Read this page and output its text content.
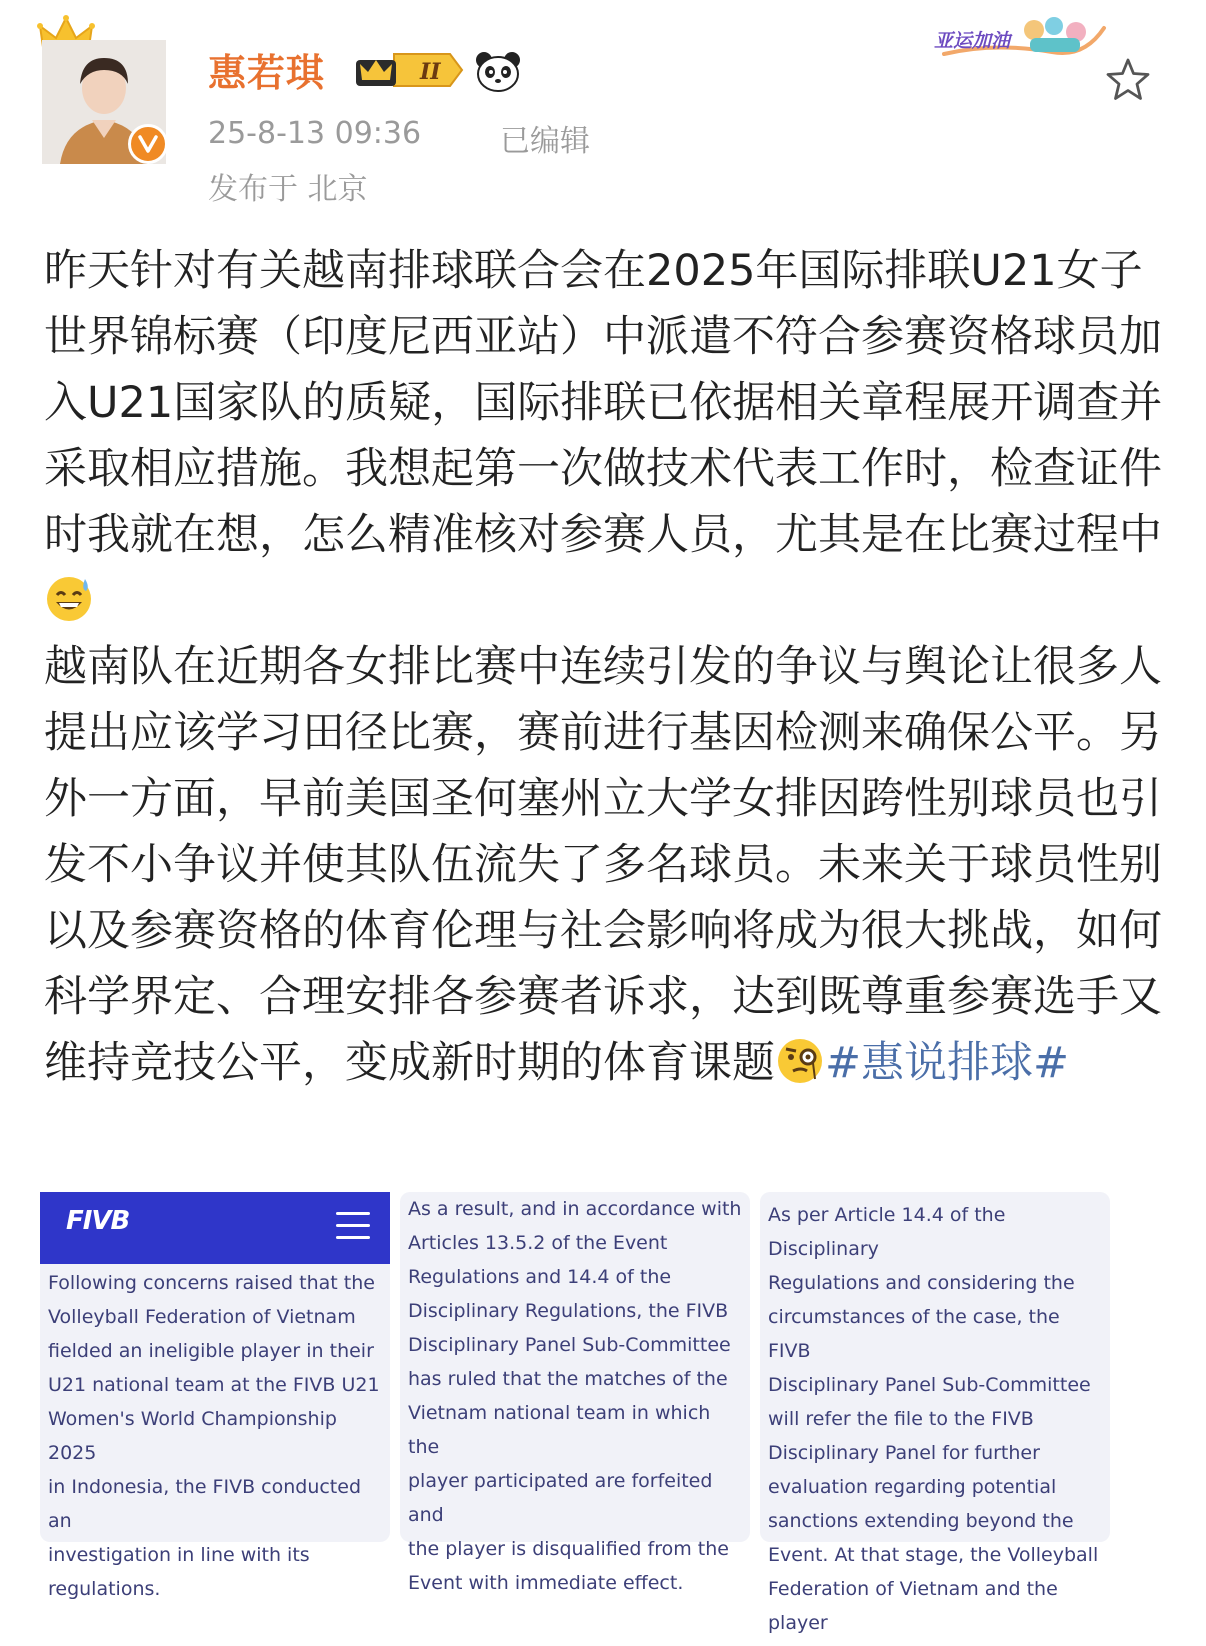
惠若琪	II
25-8-13 09:36	已编辑
发布于 北京
亚运加油
昨天针对有关越南排球联合会在2025年国际排联U21女子世界锦标赛（印度尼西亚站）中派遣不符合参赛资格球员加入U21国家队的质疑，国际排联已依据相关章程展开调查并采取相应措施。我想起第一次做技术代表工作时，检查证件时我就在想，怎么精准核对参赛人员，尤其是在比赛过程中
越南队在近期各女排比赛中连续引发的争议与舆论让很多人提出应该学习田径比赛，赛前进行基因检测来确保公平。另外一方面，早前美国圣何塞州立大学女排因跨性别球员也引发不小争议并使其队伍流失了多名球员。未来关于球员性别以及参赛资格的体育伦理与社会影响将成为很大挑战，如何科学界定、合理安排各参赛者诉求，达到既尊重参赛选手又维持竞技公平，变成新时期的体育课题 #惠说排球#
FIVB
Following concerns raised that the
Volleyball Federation of Vietnam
fielded an ineligible player in their
U21 national team at the FIVB U21
Women's World Championship 2025
in Indonesia, the FIVB conducted an
investigation in line with its
regulations.
As a result, and in accordance with
Articles 13.5.2 of the Event
Regulations and 14.4 of the
Disciplinary Regulations, the FIVB
Disciplinary Panel Sub-Committee
has ruled that the matches of the
Vietnam national team in which the
player participated are forfeited and
the player is disqualified from the
Event with immediate effect.
As per Article 14.4 of the Disciplinary
Regulations and considering the
circumstances of the case, the FIVB
Disciplinary Panel Sub-Committee
will refer the file to the FIVB
Disciplinary Panel for further
evaluation regarding potential
sanctions extending beyond the
Event. At that stage, the Volleyball
Federation of Vietnam and the player
